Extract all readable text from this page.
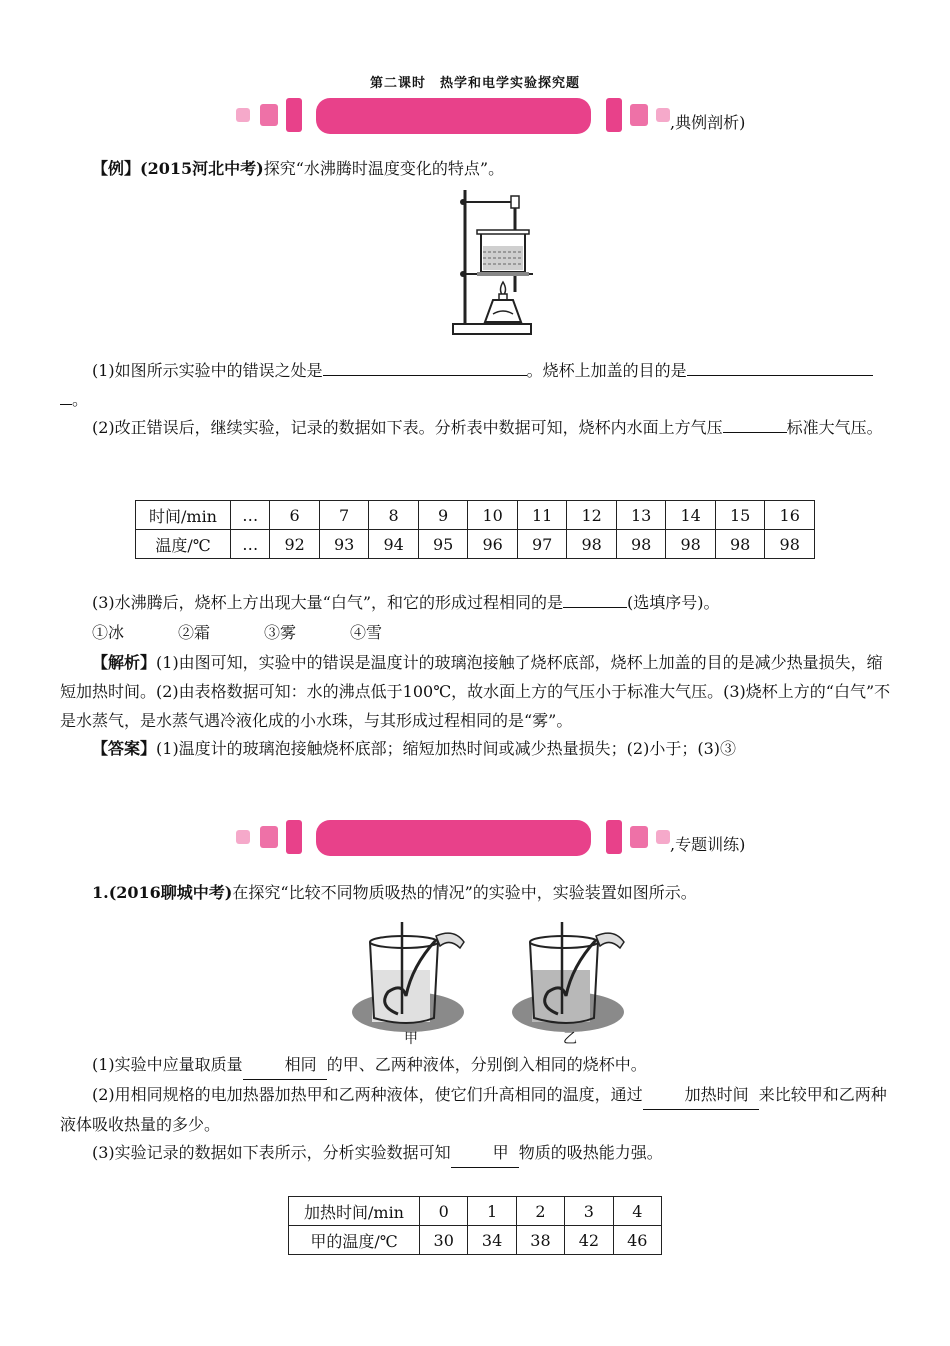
第二课时　热学和电学实验探究题
,典例剖析)
【例】(2015河北中考)探究“水沸腾时温度变化的特点”。
(1)如图所示实验中的错误之处是	。烧杯上加盖的目的是
。
(2)改正错误后，继续实验，记录的数据如下表。分析表中数据可知，烧杯内水面上方气压	标准大气压。
时间/min	…	6	7	8	9	10	11	12	13	14	15	16
温度/℃	…	92	93	94	95	96	97	98	98	98	98	98
(3)水沸腾后，烧杯上方出现大量“白气”，和它的形成过程相同的是	(选填序号)。
①冰	②霜	③雾	④雪
【解析】(1)由图可知，实验中的错误是温度计的玻璃泡接触了烧杯底部，烧杯上加盖的目的是减少热量损失，缩短加热时间。(2)由表格数据可知：水的沸点低于100℃，故水面上方的气压小于标准大气压。(3)烧杯上方的“白气”不是水蒸气，是水蒸气遇冷液化成的小水珠，与其形成过程相同的是“雾”。
【答案】(1)温度计的玻璃泡接触烧杯底部；缩短加热时间或减少热量损失；(2)小于；(3)③
,专题训练)
1.(2016聊城中考)在探究“比较不同物质吸热的情况”的实验中，实验装置如图所示。
甲	乙
(1)实验中应量取质量	相同 的甲、乙两种液体，分别倒入相同的烧杯中。
(2)用相同规格的电加热器加热甲和乙两种液体，使它们升高相同的温度，通过	加热时间 来比较甲和乙两种液体吸收热量的多少。
(3)实验记录的数据如下表所示，分析实验数据可知	甲 物质的吸热能力强。
加热时间/min	0	1	2	3	4
甲的温度/℃	30	34	38	42	46
